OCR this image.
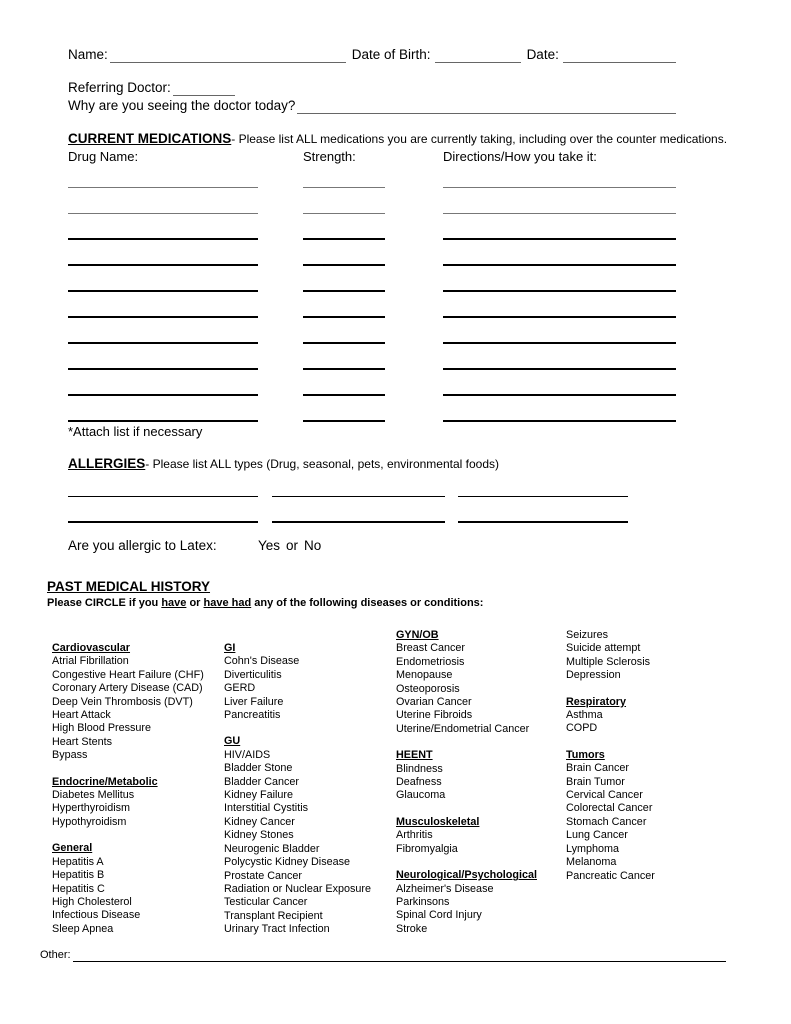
Name:	Date of Birth:	Date:
Referring Doctor:
Why are you seeing the doctor today?
CURRENT MEDICATIONS- Please list ALL medications you are currently taking, including over the counter medications.
Drug Name:	Strength:	Directions/How you take it:
*Attach list if necessary
ALLERGIES- Please list ALL types (Drug, seasonal, pets, environmental foods)
Are you allergic to Latex:	Yes or No
PAST MEDICAL HISTORY
Please CIRCLE if you have or have had any of the following diseases or conditions:
Cardiovascular
Atrial Fibrillation
Congestive Heart Failure (CHF)
Coronary Artery Disease (CAD)
Deep Vein Thrombosis (DVT)
Heart Attack
High Blood Pressure
Heart Stents
Bypass
Endocrine/Metabolic
Diabetes Mellitus
Hyperthyroidism
Hypothyroidism
General
Hepatitis A
Hepatitis B
Hepatitis C
High Cholesterol
Infectious Disease
Sleep Apnea
GI
Cohn's Disease
Diverticulitis
GERD
Liver Failure
Pancreatitis
GU
HIV/AIDS
Bladder Stone
Bladder Cancer
Kidney Failure
Interstitial Cystitis
Kidney Cancer
Kidney Stones
Neurogenic Bladder
Polycystic Kidney Disease
Prostate Cancer
Radiation or Nuclear Exposure
Testicular Cancer
Transplant Recipient
Urinary Tract Infection
GYN/OB
Breast Cancer
Endometriosis
Menopause
Osteoporosis
Ovarian Cancer
Uterine Fibroids
Uterine/Endometrial Cancer
HEENT
Blindness
Deafness
Glaucoma
Musculoskeletal
Arthritis
Fibromyalgia
Neurological/Psychological
Alzheimer's Disease
Parkinsons
Spinal Cord Injury
Stroke
Seizures
Suicide attempt
Multiple Sclerosis
Depression
Respiratory
Asthma
COPD
Tumors
Brain Cancer
Brain Tumor
Cervical Cancer
Colorectal Cancer
Stomach Cancer
Lung Cancer
Lymphoma
Melanoma
Pancreatic Cancer
Other:
